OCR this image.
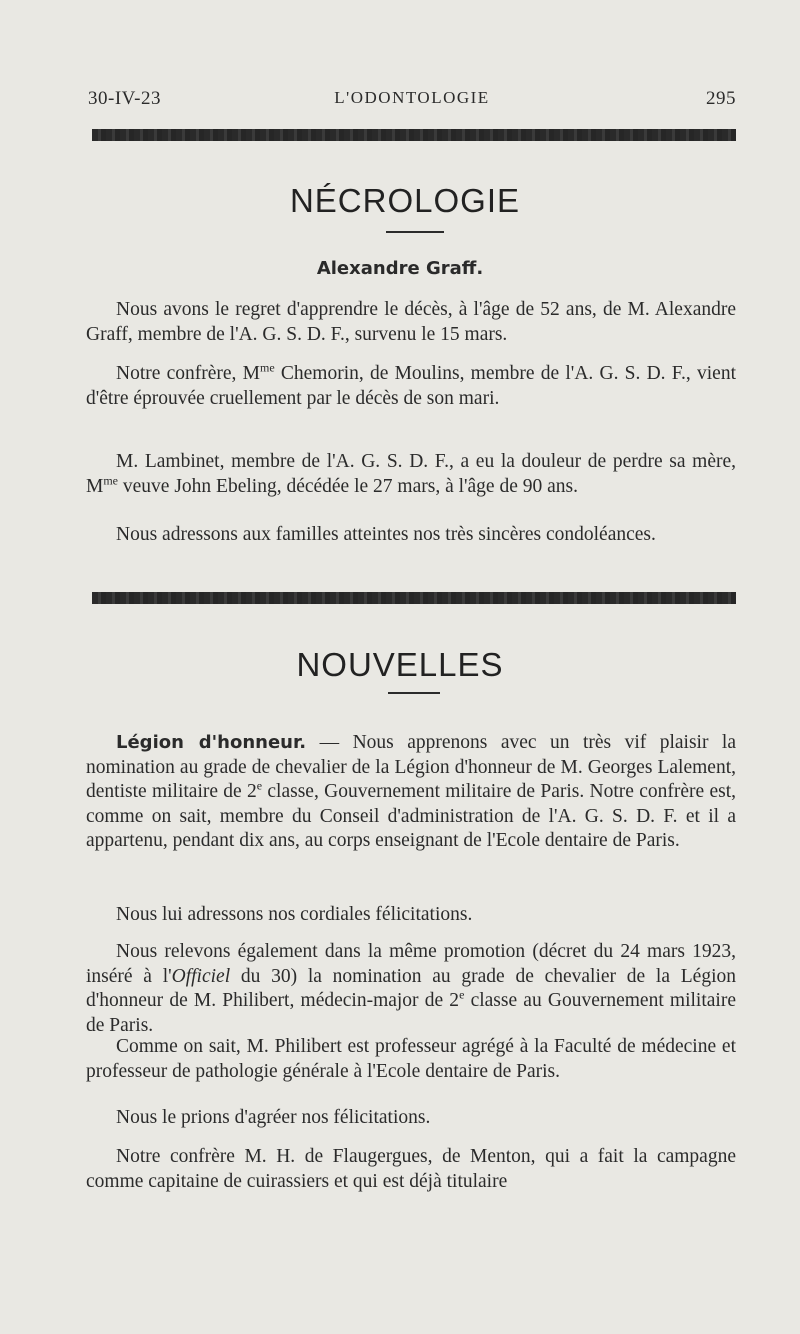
30-IV-23	L'ODONTOLOGIE	295
NÉCROLOGIE
Alexandre Graff.
Nous avons le regret d'apprendre le décès, à l'âge de 52 ans, de M. Alexandre Graff, membre de l'A. G. S. D. F., survenu le 15 mars.
Notre confrère, $M^{me}$ Chemorin, de Moulins, membre de l'A. G. S. D. F., vient d'être éprouvée cruellement par le décès de son mari.
M. Lambinet, membre de l'A. G. S. D. F., a eu la douleur de perdre sa mère, $M^{me}$ veuve John Ebeling, décédée le 27 mars, à l'âge de 90 ans.
Nous adressons aux familles atteintes nos très sincères condoléances.
NOUVELLES
Légion d'honneur. — Nous apprenons avec un très vif plaisir la nomination au grade de chevalier de la Légion d'honneur de M. Georges Lalement, dentiste militaire de 2e classe, Gouvernement militaire de Paris. Notre confrère est, comme on sait, membre du Conseil d'administration de l'A. G. S. D. F. et il a appartenu, pendant dix ans, au corps enseignant de l'Ecole dentaire de Paris.
Nous lui adressons nos cordiales félicitations.
Nous relevons également dans la même promotion (décret du 24 mars 1923, inséré à l'Officiel du 30) la nomination au grade de chevalier de la Légion d'honneur de M. Philibert, médecin-major de 2e classe au Gouvernement militaire de Paris.
Comme on sait, M. Philibert est professeur agrégé à la Faculté de médecine et professeur de pathologie générale à l'Ecole dentaire de Paris.
Nous le prions d'agréer nos félicitations.
Notre confrère M. H. de Flaugergues, de Menton, qui a fait la campagne comme capitaine de cuirassiers et qui est déjà titulaire
